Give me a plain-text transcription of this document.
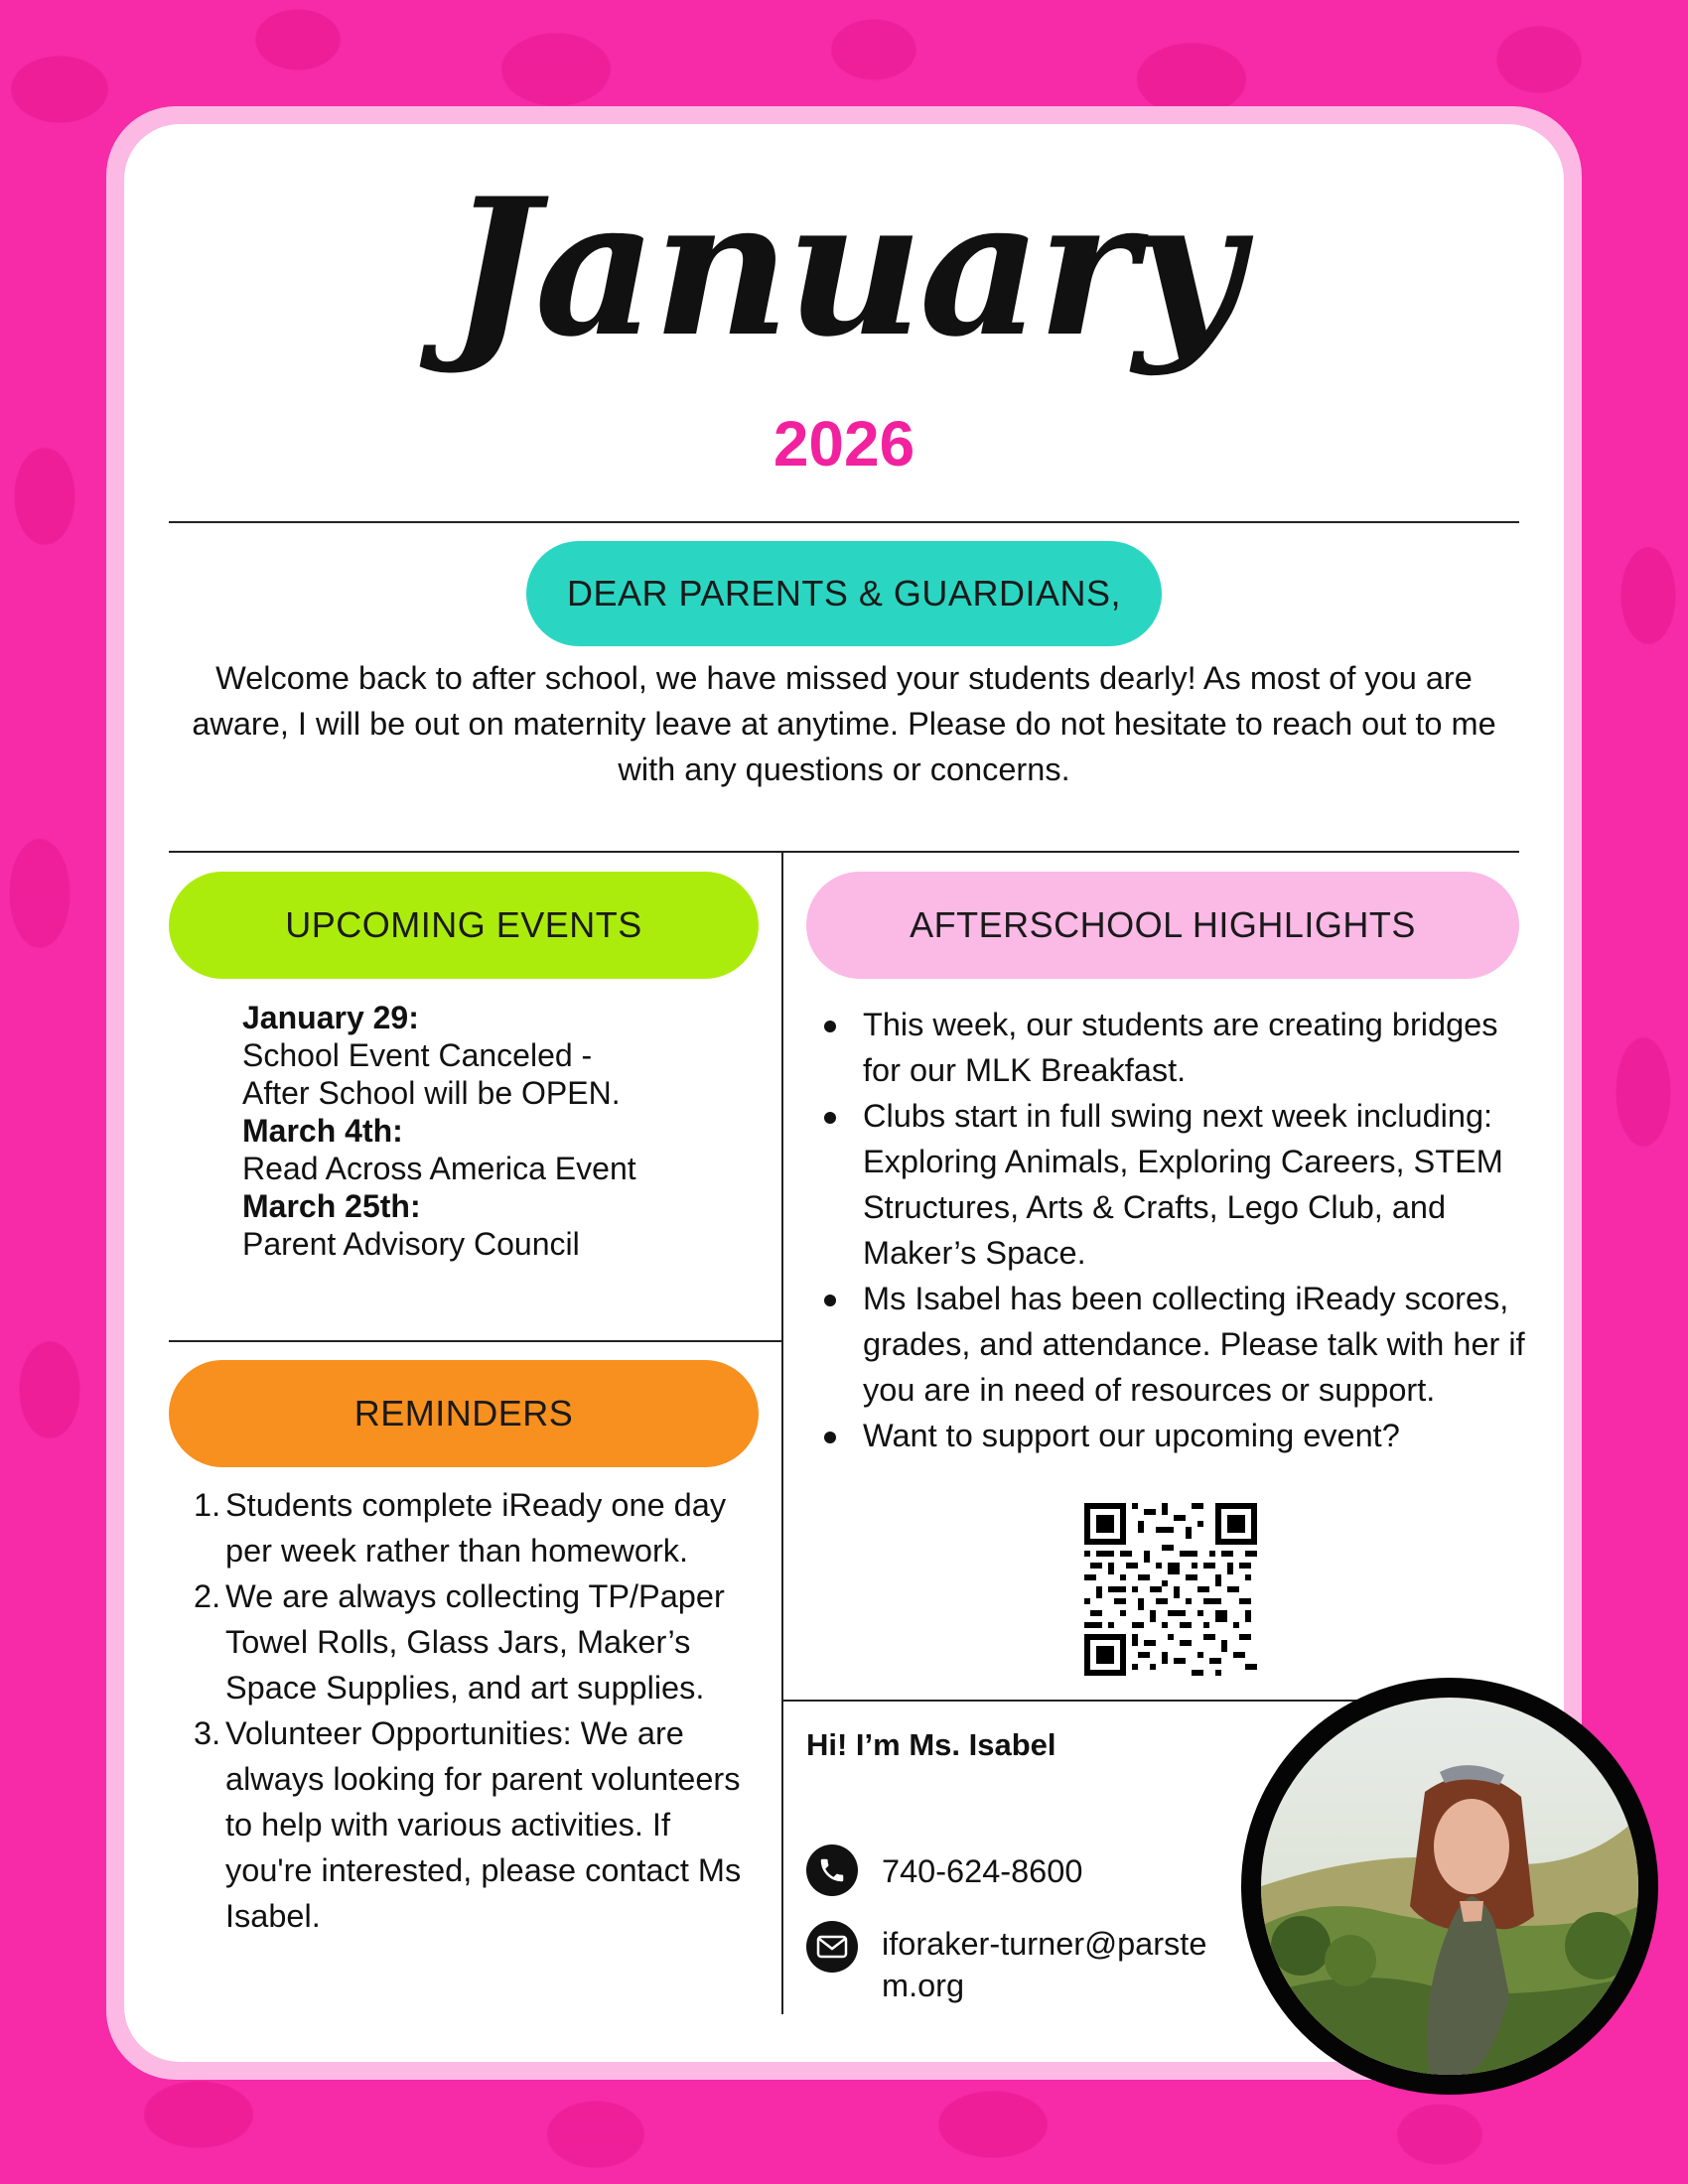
January
2026
DEAR PARENTS & GUARDIANS,
Welcome back to after school, we have missed your students dearly! As most of you are aware, I will be out on maternity leave at anytime. Please do not hesitate to reach out to me with any questions or concerns.
UPCOMING EVENTS
January 29:
School Event Canceled -
After School will be OPEN.
March 4th:
Read Across America Event
March 25th:
Parent Advisory Council
REMINDERS
1. Students complete iReady one day per week rather than homework.
2. We are always collecting TP/Paper Towel Rolls, Glass Jars, Maker’s Space Supplies, and art supplies.
3. Volunteer Opportunities: We are always looking for parent volunteers to help with various activities. If you're interested, please contact Ms Isabel.
AFTERSCHOOL HIGHLIGHTS
This week, our students are creating bridges for our MLK Breakfast.
Clubs start in full swing next week including: Exploring Animals, Exploring Careers, STEM Structures, Arts & Crafts, Lego Club, and Maker’s Space.
Ms Isabel has been collecting iReady scores, grades, and attendance. Please talk with her if you are in need of resources or support.
Want to support our upcoming event?
Hi! I’m Ms. Isabel
740-624-8600
iforaker-turner@parstem.org
